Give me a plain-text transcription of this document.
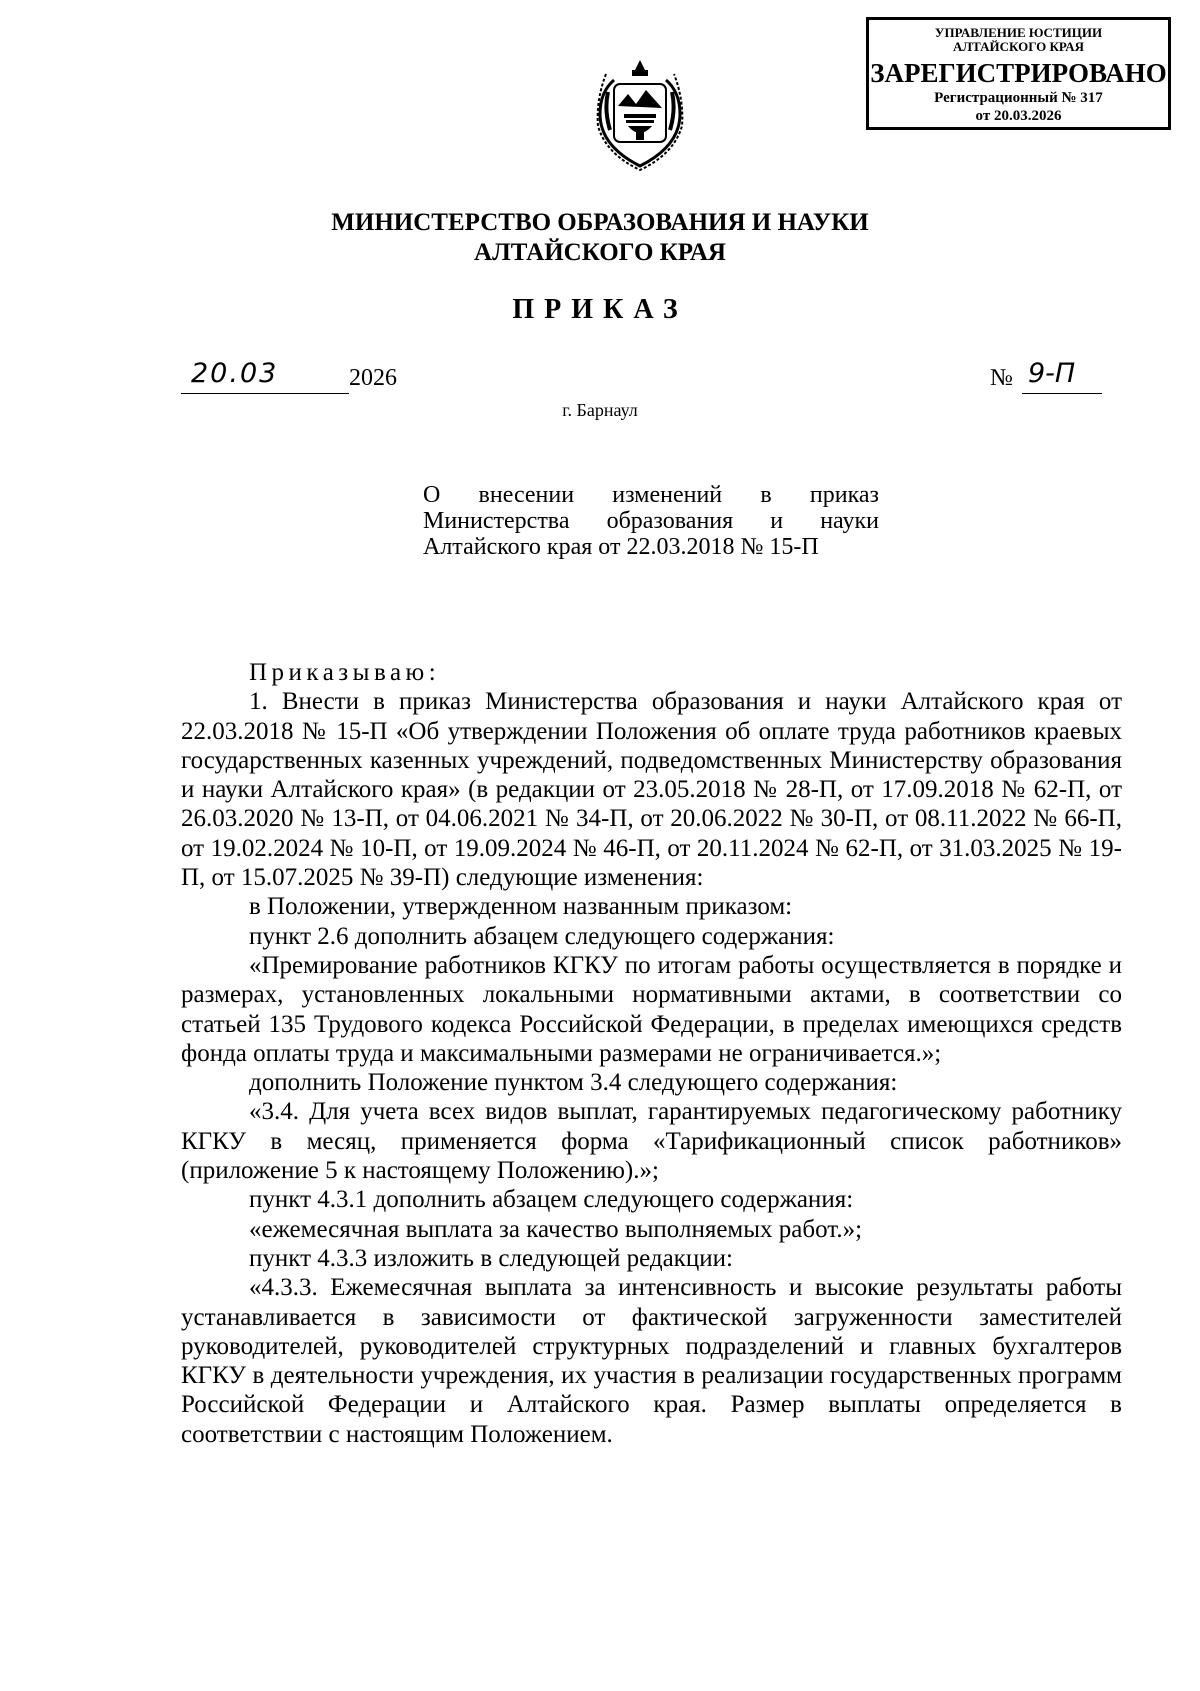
УПРАВЛЕНИЕ ЮСТИЦИИ
АЛТАЙСКОГО КРАЯ
ЗАРЕГИСТРИРОВАНО
Регистрационный № 317
от 20.03.2026
МИНИСТЕРСТВО ОБРАЗОВАНИЯ И НАУКИ
АЛТАЙСКОГО КРАЯ
ПРИКАЗ
20.03	2026	№ 9-П
г. Барнаул
О внесении изменений в приказ
Министерства образования и науки
Алтайского края от 22.03.2018 № 15-П

Приказываю:

1. Внести в приказ Министерства образования и науки Алтайского края от 22.03.2018 № 15-П «Об утверждении Положения об оплате труда работников краевых государственных казенных учреждений, подведомственных Министерству образования и науки Алтайского края» (в редакции от 23.05.2018 № 28-П, от 17.09.2018 № 62-П, от 26.03.2020 № 13-П, от 04.06.2021 № 34-П, от 20.06.2022 № 30-П, от 08.11.2022 № 66-П, от 19.02.2024 № 10-П, от 19.09.2024 № 46-П, от 20.11.2024 № 62-П, от 31.03.2025 № 19-П, от 15.07.2025 № 39-П) следующие изменения:

в Положении, утвержденном названным приказом:

пункт 2.6 дополнить абзацем следующего содержания:

«Премирование работников КГКУ по итогам работы осуществляется в порядке и размерах, установленных локальными нормативными актами, в соответствии со статьей 135 Трудового кодекса Российской Федерации, в пределах имеющихся средств фонда оплаты труда и максимальными размерами не ограничивается.»;

дополнить Положение пунктом 3.4 следующего содержания:

«3.4. Для учета всех видов выплат, гарантируемых педагогическому работнику КГКУ в месяц, применяется форма «Тарификационный список работников» (приложение 5 к настоящему Положению).»;

пункт 4.3.1 дополнить абзацем следующего содержания:

«ежемесячная выплата за качество выполняемых работ.»;

пункт 4.3.3 изложить в следующей редакции:

«4.3.3. Ежемесячная выплата за интенсивность и высокие результаты работы устанавливается в зависимости от фактической загруженности заместителей руководителей, руководителей структурных подразделений и главных бухгалтеров КГКУ в деятельности учреждения, их участия в реализации государственных программ Российской Федерации и Алтайского края. Размер выплаты определяется в соответствии с настоящим Положением.
